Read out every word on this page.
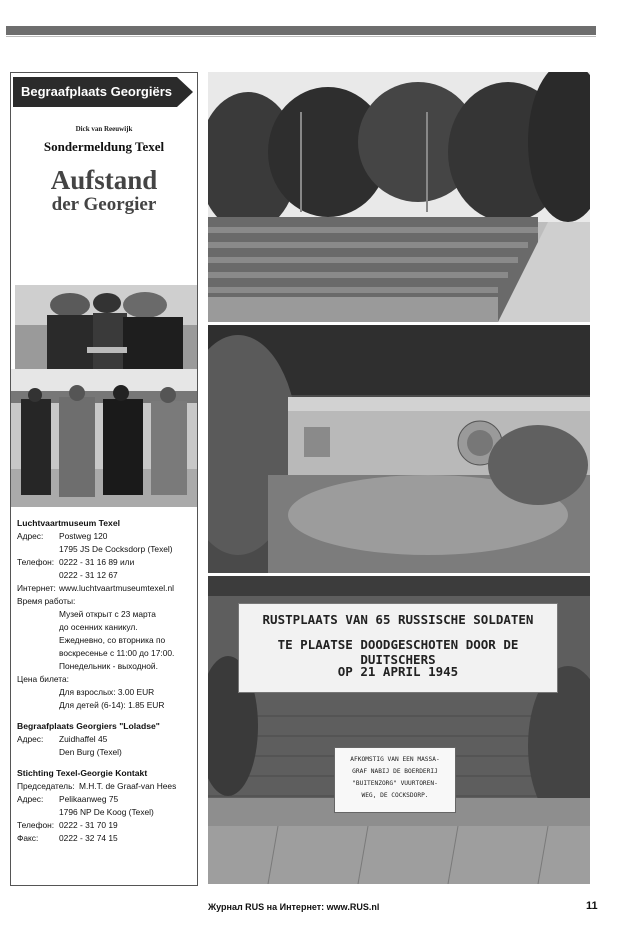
Begraafplaats Georgiërs
Dick van Reeuwijk
Sondermeldung Texel
Aufstand
der Georgier
Luchtvaartmuseum Texel
Адрес:	Postweg 120
1795 JS De Cocksdorp (Texel)
Телефон: 0222 - 31 16 89 или
0222 - 31 12 67
Интернет: www.luchtvaartmuseumtexel.nl
Время работы:
Музей открыт с 23 марта
до осенних каникул.
Ежедневно, со вторника по
воскресенье с 11:00 до 17:00.
Понедельник - выходной.
Цена билета:
Для взрослых: 3.00 EUR
Для детей (6-14): 1.85 EUR
Begraafplaats Georgiers "Loladse"
Адрес:	Zuidhaffel 45
Den Burg (Texel)
Stichting Texel-Georgie Kontakt
Председатель: M.H.T. de Graaf-van Hees
Адрес:	Pelikaanweg 75
1796 NP De Koog (Texel)
Телефон: 0222 - 31 70 19
Факс:	0222 - 32 74 15
RUSTPLAATS VAN 65 RUSSISCHE SOLDATEN
TE PLAATSE DOODGESCHOTEN DOOR DE DUITSCHERS
OP 21 APRIL 1945
AFKOMSTIG VAN EEN MASSA-
GRAF NABIJ DE BOERDERIJ
"BUITENZORG" VUURTOREN-
WEG, DE COCKSDORP.
Журнал RUS на Интернет: www.RUS.nl	11
